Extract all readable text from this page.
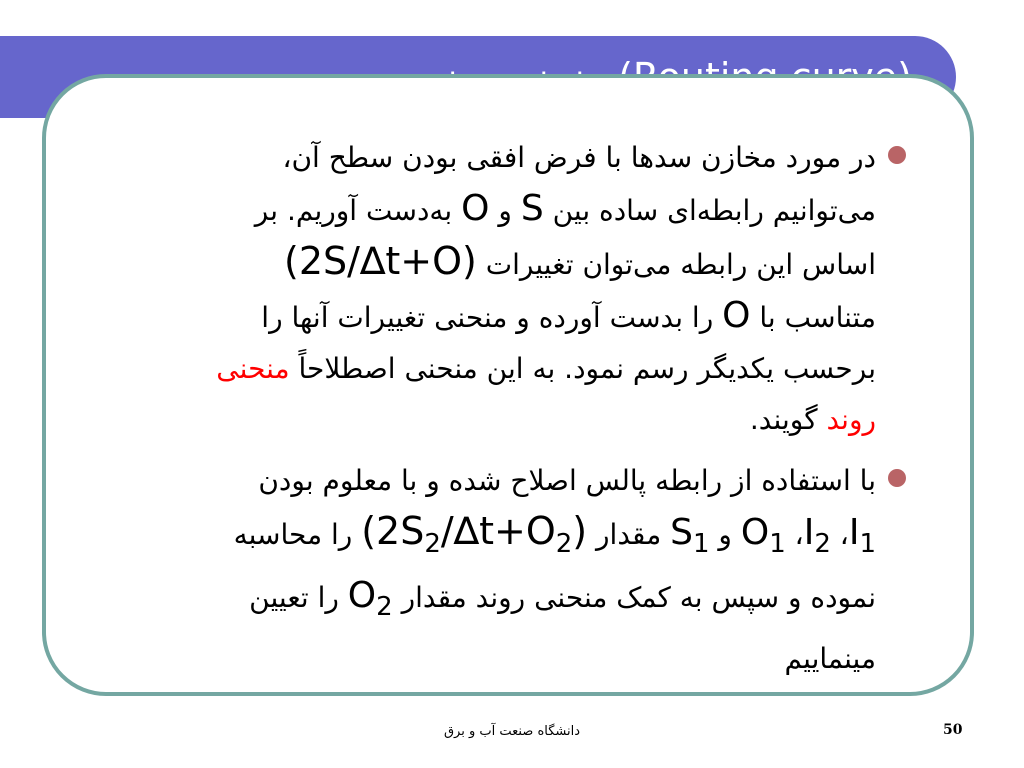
در مورد مخازن سدها با فرض افقی بودن سطح آن،
می‌توانیم رابطه‌ای ساده بین S و O به‌دست آوریم. بر
اساس این رابطه می‌توان تغییرات (2S/∆t+O)
متناسب با O را بدست آورده و منحنی تغییرات آنها را
برحسب یکدیگر رسم نمود. به این منحنی اصطلاحاً منحنی
روند گویند.

با استفاده از رابطه پالس اصلاح شده و با معلوم بودن
$I_1،$ $I_2،$ $O_1$ و $S_1$ مقدار $(2S_2/\Delta t+O_2)$ را محاسبه
نموده و سپس به کمک منحنی روند مقدار $O_2$ را تعیین
مینماییم

دانشگاه صنعت آب و برق	50
